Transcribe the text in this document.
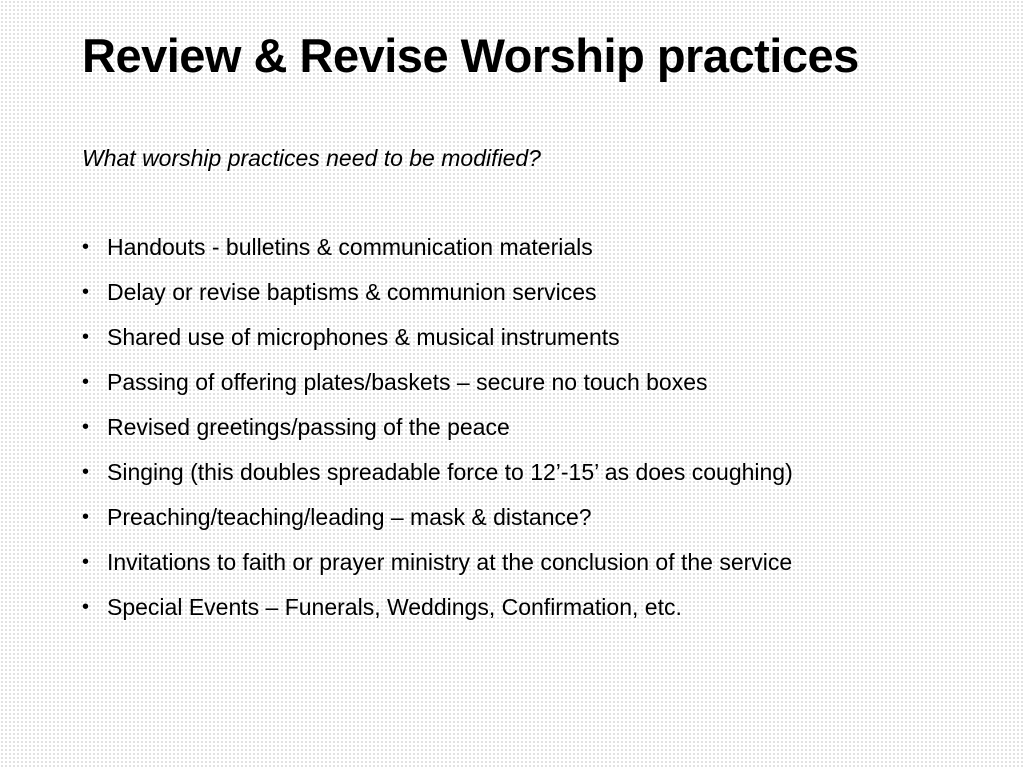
Review & Revise Worship practices

What worship practices need to be modified?

• Handouts - bulletins & communication materials
• Delay or revise baptisms & communion services
• Shared use of microphones & musical instruments
• Passing of offering plates/baskets – secure no touch boxes
• Revised greetings/passing of the peace
• Singing (this doubles spreadable force to 12’-15’ as does coughing)
• Preaching/teaching/leading – mask & distance?
• Invitations to faith or prayer ministry at the conclusion of the service
• Special Events – Funerals, Weddings, Confirmation, etc.
